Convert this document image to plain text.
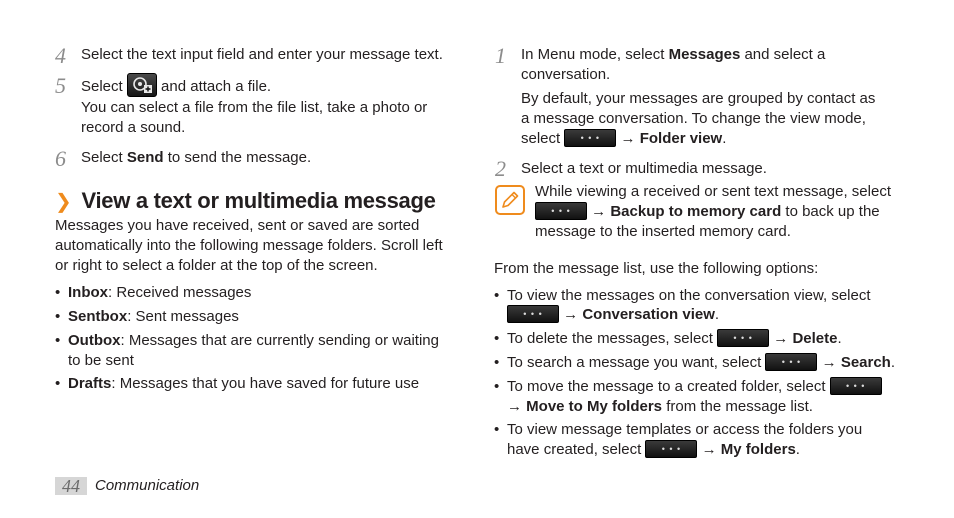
4 Select the text input field and enter your message text.
5 Select  and attach a file.
You can select a file from the file list, take a photo or
record a sound.
6 Select Send to send the message.
❯ View a text or multimedia message
Messages you have received, sent or saved are sorted
automatically into the following message folders. Scroll left
or right to select a folder at the top of the screen.
• Inbox: Received messages
• Sentbox: Sent messages
• Outbox: Messages that are currently sending or waiting
to be sent
• Drafts: Messages that you have saved for future use
1 In Menu mode, select Messages and select a
conversation.
By default, your messages are grouped by contact as
a message conversation. To change the view mode,
select • • • → Folder view.
2 Select a text or multimedia message.
While viewing a received or sent text message, select
• • • → Backup to memory card to back up the
message to the inserted memory card.
From the message list, use the following options:
• To view the messages on the conversation view, select
• • • → Conversation view.
• To delete the messages, select • • • → Delete.
• To search a message you want, select • • • → Search.
• To move the message to a created folder, select • • •
→ Move to My folders from the message list.
• To view message templates or access the folders you
have created, select • • • → My folders.
44	Communication
